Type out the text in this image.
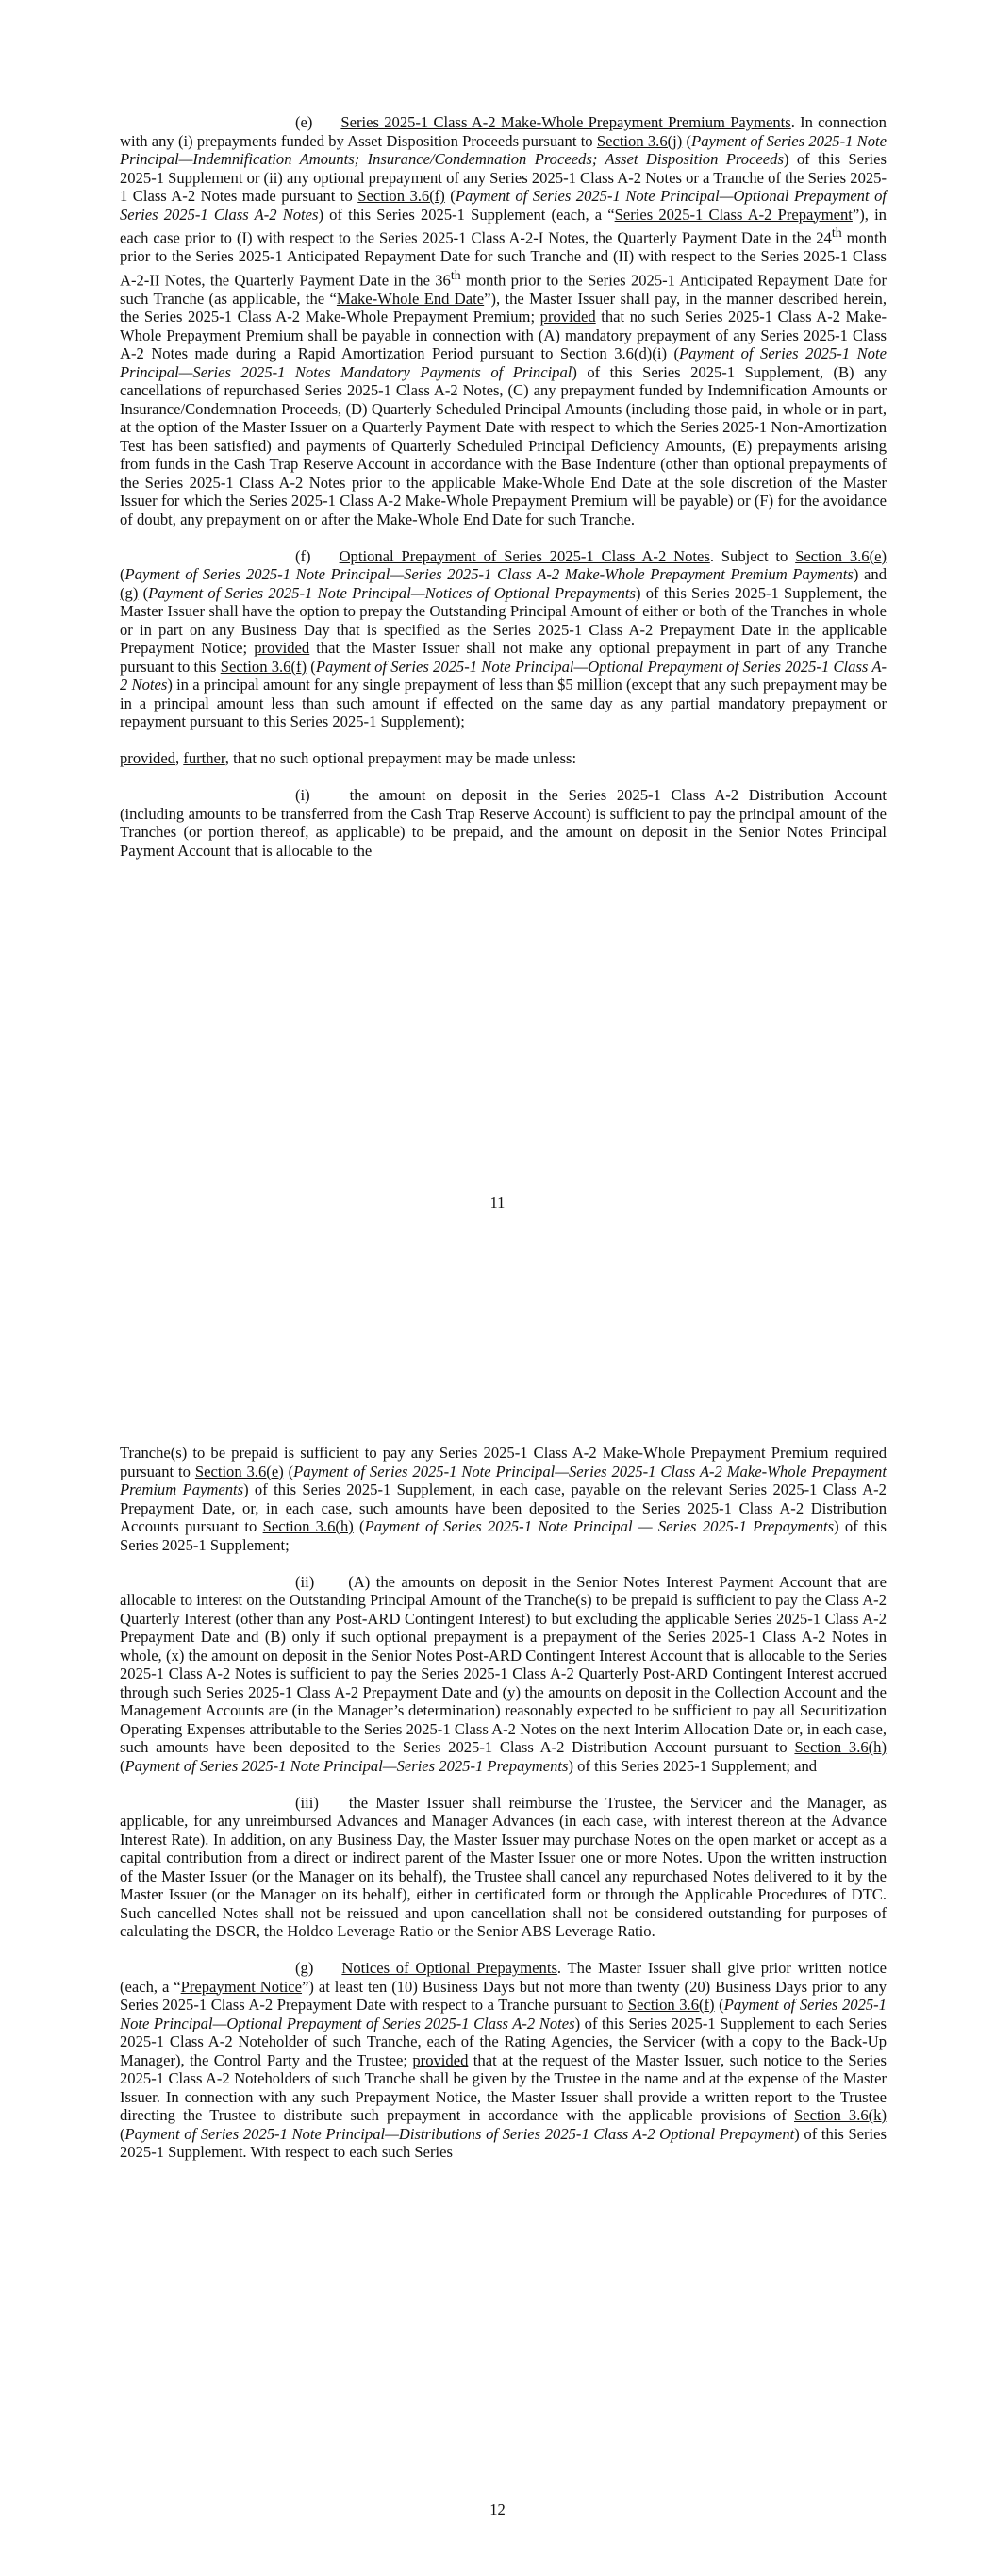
(e) Series 2025-1 Class A-2 Make-Whole Prepayment Premium Payments. In connection with any (i) prepayments funded by Asset Disposition Proceeds pursuant to Section 3.6(j) (Payment of Series 2025-1 Note Principal—Indemnification Amounts; Insurance/Condemnation Proceeds; Asset Disposition Proceeds) of this Series 2025-1 Supplement or (ii) any optional prepayment of any Series 2025-1 Class A-2 Notes or a Tranche of the Series 2025-1 Class A-2 Notes made pursuant to Section 3.6(f) (Payment of Series 2025-1 Note Principal—Optional Prepayment of Series 2025-1 Class A-2 Notes) of this Series 2025-1 Supplement (each, a “Series 2025-1 Class A-2 Prepayment”), in each case prior to (I) with respect to the Series 2025-1 Class A-2-I Notes, the Quarterly Payment Date in the 24th month prior to the Series 2025-1 Anticipated Repayment Date for such Tranche and (II) with respect to the Series 2025-1 Class A-2-II Notes, the Quarterly Payment Date in the 36th month prior to the Series 2025-1 Anticipated Repayment Date for such Tranche (as applicable, the “Make-Whole End Date”), the Master Issuer shall pay, in the manner described herein, the Series 2025-1 Class A-2 Make-Whole Prepayment Premium; provided that no such Series 2025-1 Class A-2 Make-Whole Prepayment Premium shall be payable in connection with (A) mandatory prepayment of any Series 2025-1 Class A-2 Notes made during a Rapid Amortization Period pursuant to Section 3.6(d)(i) (Payment of Series 2025-1 Note Principal—Series 2025-1 Notes Mandatory Payments of Principal) of this Series 2025-1 Supplement, (B) any cancellations of repurchased Series 2025-1 Class A-2 Notes, (C) any prepayment funded by Indemnification Amounts or Insurance/Condemnation Proceeds, (D) Quarterly Scheduled Principal Amounts (including those paid, in whole or in part, at the option of the Master Issuer on a Quarterly Payment Date with respect to which the Series 2025-1 Non-Amortization Test has been satisfied) and payments of Quarterly Scheduled Principal Deficiency Amounts, (E) prepayments arising from funds in the Cash Trap Reserve Account in accordance with the Base Indenture (other than optional prepayments of the Series 2025-1 Class A-2 Notes prior to the applicable Make-Whole End Date at the sole discretion of the Master Issuer for which the Series 2025-1 Class A-2 Make-Whole Prepayment Premium will be payable) or (F) for the avoidance of doubt, any prepayment on or after the Make-Whole End Date for such Tranche.

(f) Optional Prepayment of Series 2025-1 Class A-2 Notes. Subject to Section 3.6(e) (Payment of Series 2025-1 Note Principal—Series 2025-1 Class A-2 Make-Whole Prepayment Premium Payments) and (g) (Payment of Series 2025-1 Note Principal—Notices of Optional Prepayments) of this Series 2025-1 Supplement, the Master Issuer shall have the option to prepay the Outstanding Principal Amount of either or both of the Tranches in whole or in part on any Business Day that is specified as the Series 2025-1 Class A-2 Prepayment Date in the applicable Prepayment Notice; provided that the Master Issuer shall not make any optional prepayment in part of any Tranche pursuant to this Section 3.6(f) (Payment of Series 2025-1 Note Principal—Optional Prepayment of Series 2025-1 Class A-2 Notes) in a principal amount for any single prepayment of less than $5 million (except that any such prepayment may be in a principal amount less than such amount if effected on the same day as any partial mandatory prepayment or repayment pursuant to this Series 2025-1 Supplement);

provided, further, that no such optional prepayment may be made unless:

(i)	the amount on deposit in the Series 2025-1 Class A-2 Distribution Account (including amounts to be transferred from the Cash Trap Reserve Account) is sufficient to pay the principal amount of the Tranches (or portion thereof, as applicable) to be prepaid, and the amount on deposit in the Senior Notes Principal Payment Account that is allocable to the

11

Tranche(s) to be prepaid is sufficient to pay any Series 2025-1 Class A-2 Make-Whole Prepayment Premium required pursuant to Section 3.6(e) (Payment of Series 2025-1 Note Principal—Series 2025-1 Class A-2 Make-Whole Prepayment Premium Payments) of this Series 2025-1 Supplement, in each case, payable on the relevant Series 2025-1 Class A-2 Prepayment Date, or, in each case, such amounts have been deposited to the Series 2025-1 Class A-2 Distribution Accounts pursuant to Section 3.6(h) (Payment of Series 2025-1 Note Principal — Series 2025-1 Prepayments) of this Series 2025-1 Supplement;

(ii) (A) the amounts on deposit in the Senior Notes Interest Payment Account that are allocable to interest on the Outstanding Principal Amount of the Tranche(s) to be prepaid is sufficient to pay the Class A-2 Quarterly Interest (other than any Post-ARD Contingent Interest) to but excluding the applicable Series 2025-1 Class A-2 Prepayment Date and (B) only if such optional prepayment is a prepayment of the Series 2025-1 Class A-2 Notes in whole, (x) the amount on deposit in the Senior Notes Post-ARD Contingent Interest Account that is allocable to the Series 2025-1 Class A-2 Notes is sufficient to pay the Series 2025-1 Class A-2 Quarterly Post-ARD Contingent Interest accrued through such Series 2025-1 Class A-2 Prepayment Date and (y) the amounts on deposit in the Collection Account and the Management Accounts are (in the Manager’s determination) reasonably expected to be sufficient to pay all Securitization Operating Expenses attributable to the Series 2025-1 Class A-2 Notes on the next Interim Allocation Date or, in each case, such amounts have been deposited to the Series 2025-1 Class A-2 Distribution Account pursuant to Section 3.6(h) (Payment of Series 2025-1 Note Principal—Series 2025-1 Prepayments) of this Series 2025-1 Supplement; and

(iii) the Master Issuer shall reimburse the Trustee, the Servicer and the Manager, as applicable, for any unreimbursed Advances and Manager Advances (in each case, with interest thereon at the Advance Interest Rate). In addition, on any Business Day, the Master Issuer may purchase Notes on the open market or accept as a capital contribution from a direct or indirect parent of the Master Issuer one or more Notes. Upon the written instruction of the Master Issuer (or the Manager on its behalf), the Trustee shall cancel any repurchased Notes delivered to it by the Master Issuer (or the Manager on its behalf), either in certificated form or through the Applicable Procedures of DTC. Such cancelled Notes shall not be reissued and upon cancellation shall not be considered outstanding for purposes of calculating the DSCR, the Holdco Leverage Ratio or the Senior ABS Leverage Ratio.

(g) Notices of Optional Prepayments. The Master Issuer shall give prior written notice (each, a “Prepayment Notice”) at least ten (10) Business Days but not more than twenty (20) Business Days prior to any Series 2025-1 Class A-2 Prepayment Date with respect to a Tranche pursuant to Section 3.6(f) (Payment of Series 2025-1 Note Principal—Optional Prepayment of Series 2025-1 Class A-2 Notes) of this Series 2025-1 Supplement to each Series 2025-1 Class A-2 Noteholder of such Tranche, each of the Rating Agencies, the Servicer (with a copy to the Back-Up Manager), the Control Party and the Trustee; provided that at the request of the Master Issuer, such notice to the Series 2025-1 Class A-2 Noteholders of such Tranche shall be given by the Trustee in the name and at the expense of the Master Issuer. In connection with any such Prepayment Notice, the Master Issuer shall provide a written report to the Trustee directing the Trustee to distribute such prepayment in accordance with the applicable provisions of Section 3.6(k) (Payment of Series 2025-1 Note Principal—Distributions of Series 2025-1 Class A-2 Optional Prepayment) of this Series 2025-1 Supplement. With respect to each such Series

12
